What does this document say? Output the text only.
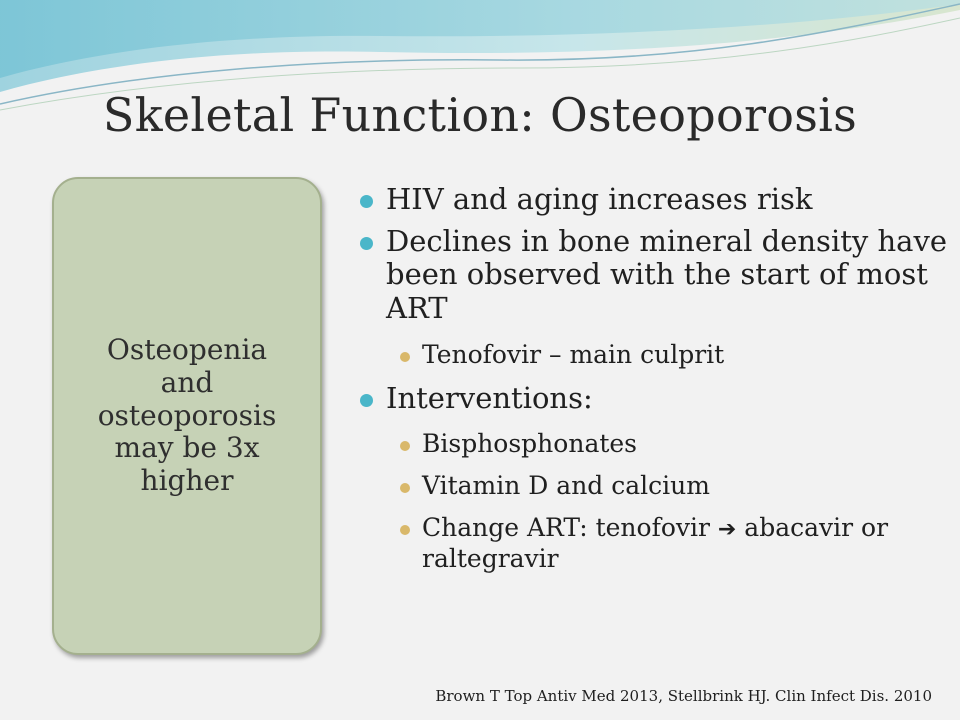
Skeletal Function: Osteoporosis
Osteopenia
and
osteoporosis
may be 3x
higher
HIV and aging increases risk
Declines in bone mineral density have been observed with the start of most ART
Tenofovir – main culprit
Interventions:
Bisphosphonates
Vitamin D and calcium
Change ART: tenofovir ➔ abacavir or raltegravir
Brown T Top Antiv Med 2013, Stellbrink HJ. Clin Infect Dis. 2010
